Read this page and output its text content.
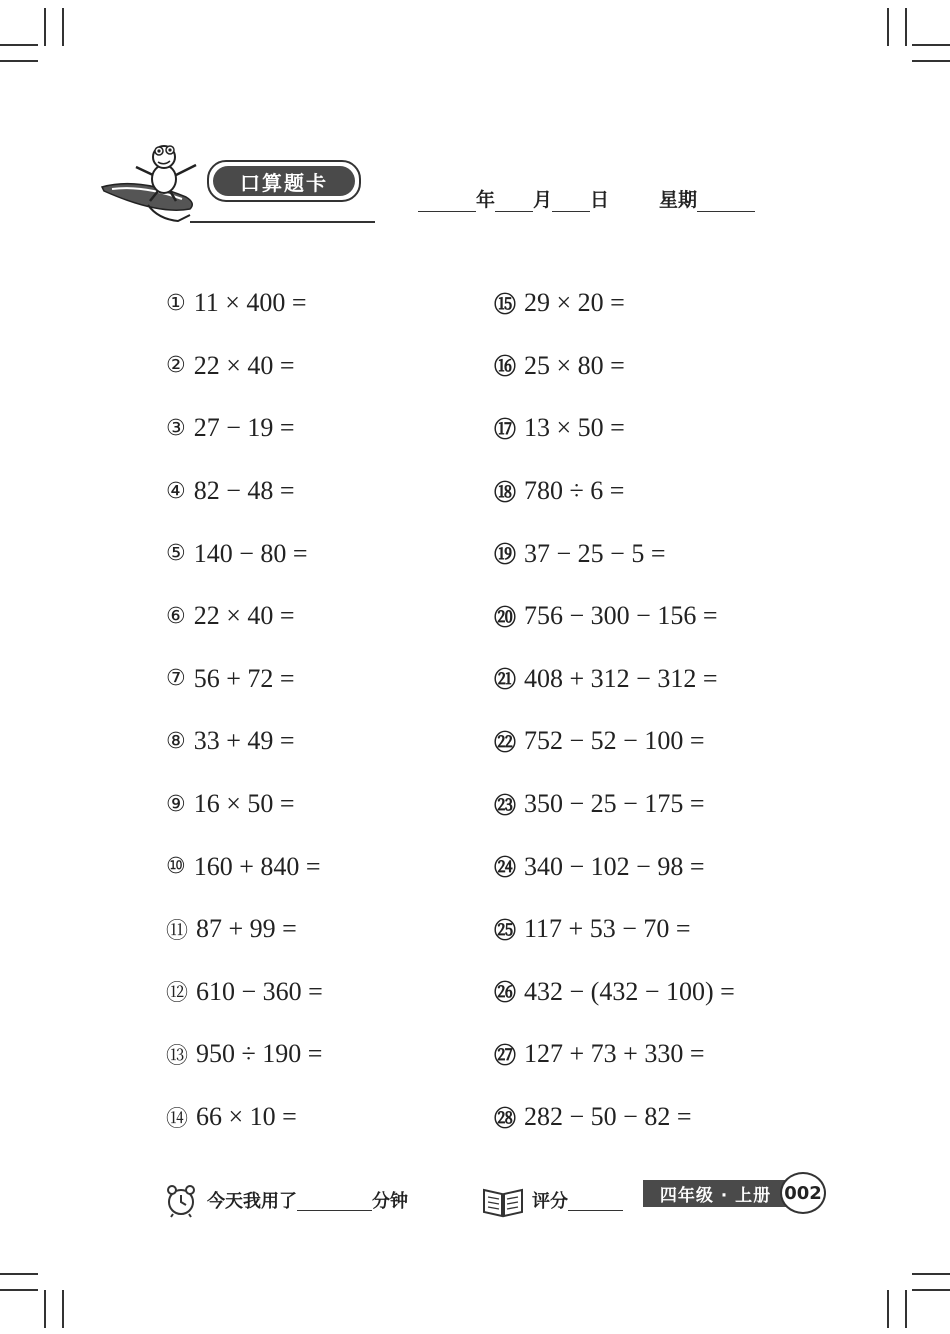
口算题卡
年 月 日	星期
① 11 × 400 =
② 22 × 40 =
③ 27 − 19 =
④ 82 − 48 =
⑤ 140 − 80 =
⑥ 22 × 40 =
⑦ 56 + 72 =
⑧ 33 + 49 =
⑨ 16 × 50 =
⑩ 160 + 840 =
⑪ 87 + 99 =
⑫ 610 − 360 =
⑬ 950 ÷ 190 =
⑭ 66 × 10 =
⑮ 29 × 20 =
⑯ 25 × 80 =
⑰ 13 × 50 =
⑱ 780 ÷ 6 =
⑲ 37 − 25 − 5 =
⑳ 756 − 300 − 156 =
㉑ 408 + 312 − 312 =
㉒ 752 − 52 − 100 =
㉓ 350 − 25 − 175 =
㉔ 340 − 102 − 98 =
㉕ 117 + 53 − 70 =
㉖ 432 − (432 − 100) =
㉗ 127 + 73 + 330 =
㉘ 282 − 50 − 82 =
今天我用了	分钟	评分	四年级 · 上册 002
